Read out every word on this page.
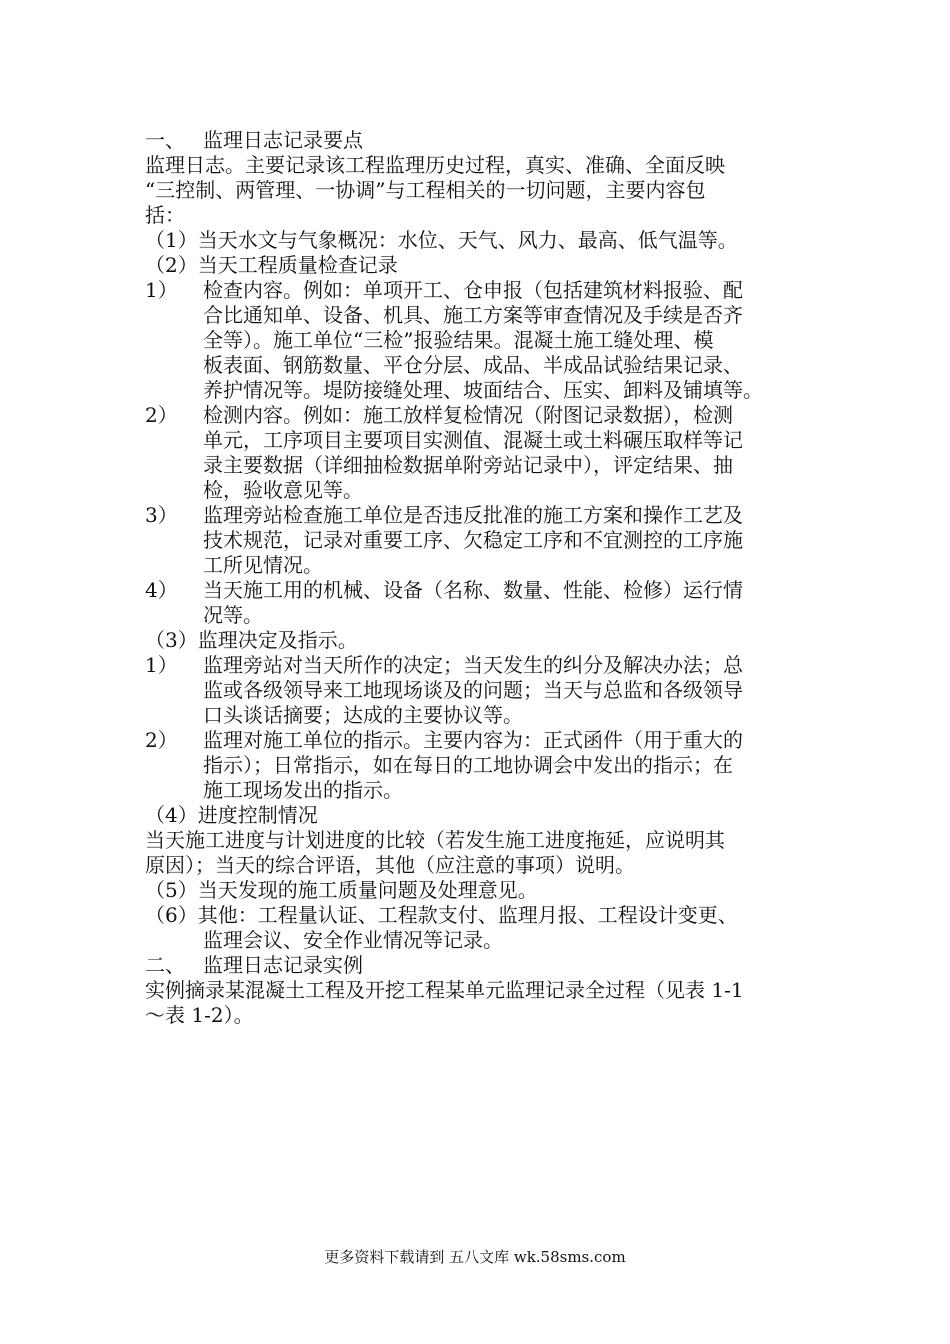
一、 监理日志记录要点
监理日志。主要记录该工程监理历史过程，真实、准确、全面反映
“三控制、两管理、一协调”与工程相关的一切问题，主要内容包
括：
（1）当天水文与气象概况：水位、天气、风力、最高、低气温等。
（2）当天工程质量检查记录
1）	检查内容。例如：单项开工、仓申报（包括建筑材料报验、配
合比通知单、设备、机具、施工方案等审查情况及手续是否齐
全等）。施工单位“三检”报验结果。混凝土施工缝处理、模
板表面、钢筋数量、平仓分层、成品、半成品试验结果记录、
养护情况等。堤防接缝处理、坡面结合、压实、卸料及铺填等。
2）	检测内容。例如：施工放样复检情况（附图记录数据），检测
单元，工序项目主要项目实测值、混凝土或土料碾压取样等记
录主要数据（详细抽检数据单附旁站记录中），评定结果、抽
检，验收意见等。
3）	监理旁站检查施工单位是否违反批准的施工方案和操作工艺及
技术规范，记录对重要工序、欠稳定工序和不宜测控的工序施
工所见情况。
4）	当天施工用的机械、设备（名称、数量、性能、检修）运行情
况等。
（3）监理决定及指示。
1）	监理旁站对当天所作的决定；当天发生的纠分及解决办法；总
监或各级领导来工地现场谈及的问题；当天与总监和各级领导
口头谈话摘要；达成的主要协议等。
2）	监理对施工单位的指示。主要内容为：正式函件（用于重大的
指示）；日常指示，如在每日的工地协调会中发出的指示；在
施工现场发出的指示。
（4）进度控制情况
当天施工进度与计划进度的比较（若发生施工进度拖延，应说明其
原因）；当天的综合评语，其他（应注意的事项）说明。
（5）当天发现的施工质量问题及处理意见。
（6）其他：工程量认证、工程款支付、监理月报、工程设计变更、
监理会议、安全作业情况等记录。
二、 监理日志记录实例
实例摘录某混凝土工程及开挖工程某单元监理记录全过程（见表 1-1
～表 1-2）。
更多资料下载请到 五八文库 wk.58sms.com
